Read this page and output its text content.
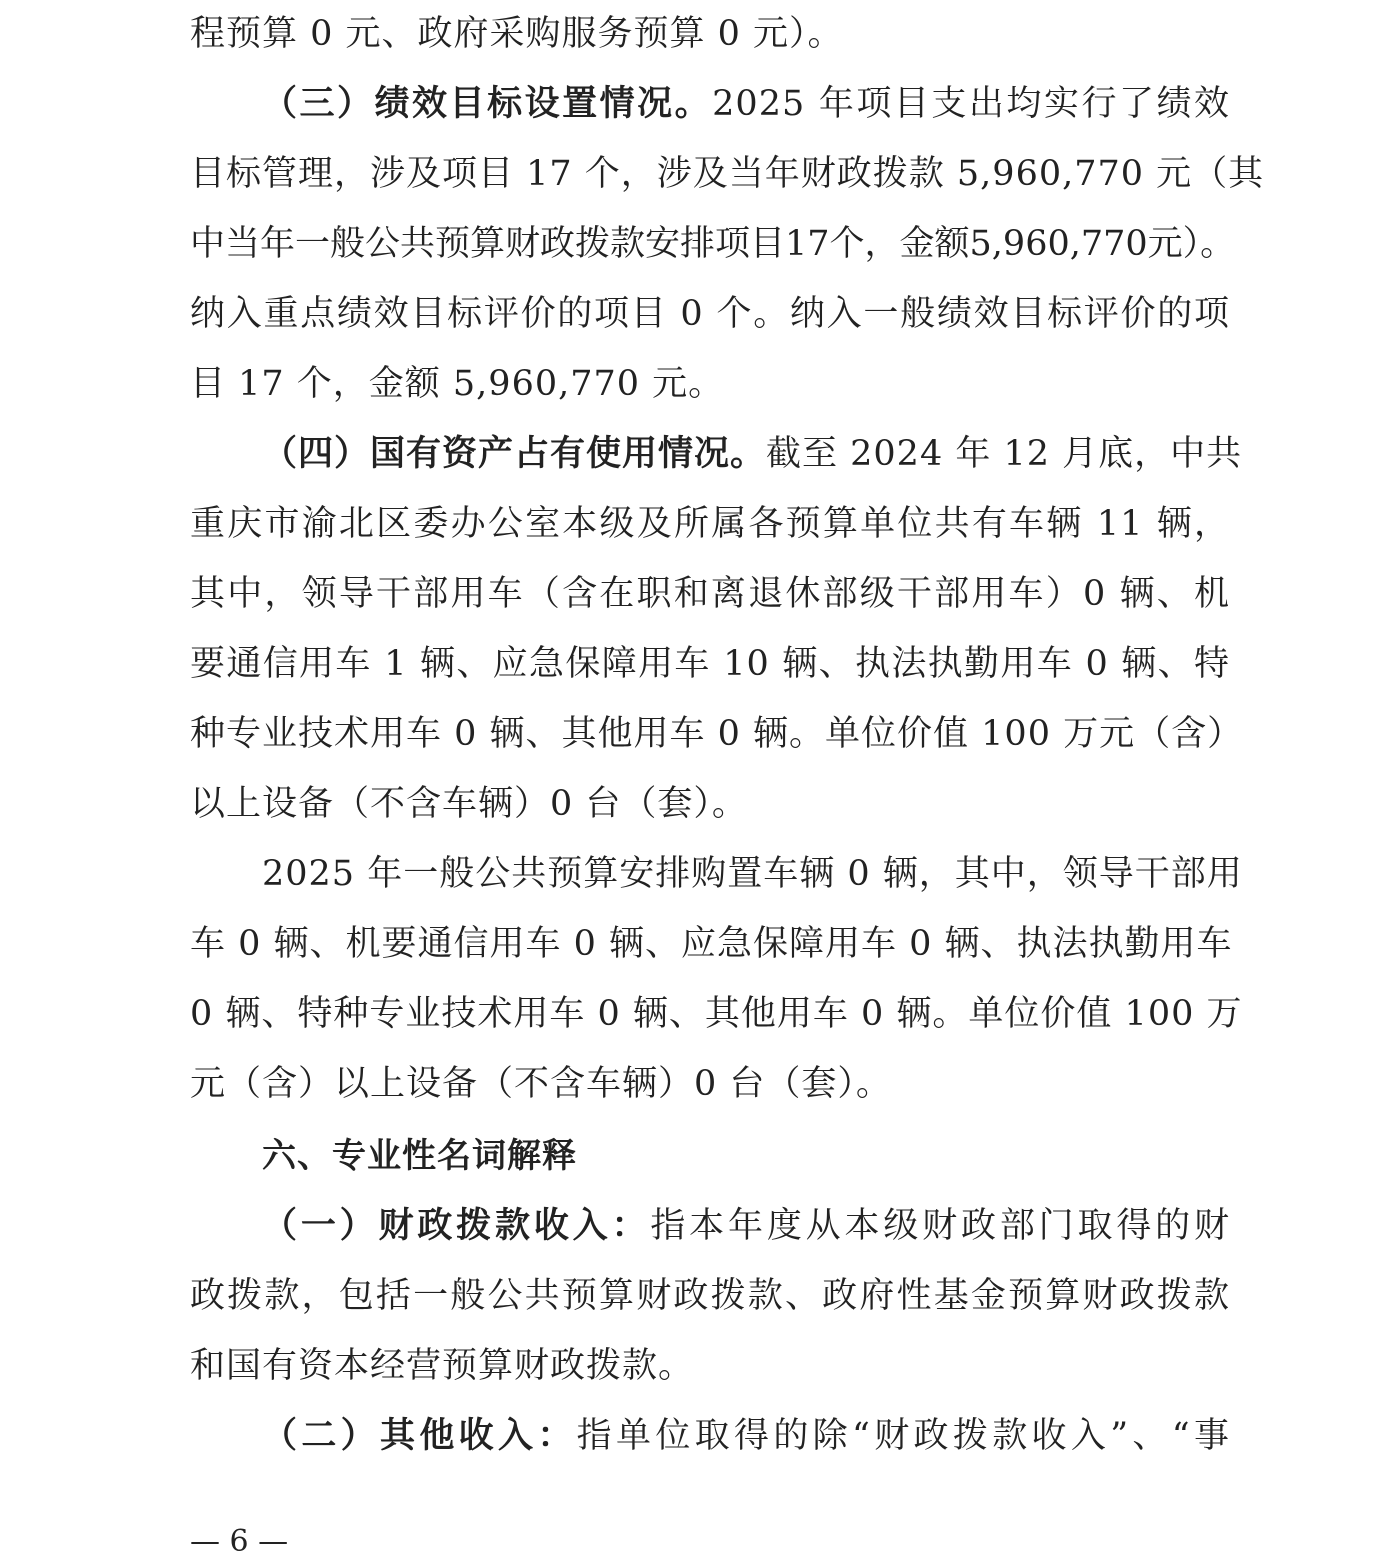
程预算 0 元、政府采购服务预算 0 元）。
（三）绩效目标设置情况。2025 年项目支出均实行了绩效
目标管理，涉及项目 17 个，涉及当年财政拨款 5,960,770 元（其
中当年一般公共预算财政拨款安排项目17个，金额5,960,770元）。
纳入重点绩效目标评价的项目 0 个。纳入一般绩效目标评价的项
目 17 个，金额 5,960,770 元。
（四）国有资产占有使用情况。截至 2024 年 12 月底，中共
重庆市渝北区委办公室本级及所属各预算单位共有车辆 11 辆，
其中，领导干部用车（含在职和离退休部级干部用车）0 辆、机
要通信用车 1 辆、应急保障用车 10 辆、执法执勤用车 0 辆、特
种专业技术用车 0 辆、其他用车 0 辆。单位价值 100 万元（含）
以上设备（不含车辆）0 台（套）。
2025 年一般公共预算安排购置车辆 0 辆，其中，领导干部用
车 0 辆、机要通信用车 0 辆、应急保障用车 0 辆、执法执勤用车
0 辆、特种专业技术用车 0 辆、其他用车 0 辆。单位价值 100 万
元（含）以上设备（不含车辆）0 台（套）。
六、专业性名词解释
（一）财政拨款收入：指本年度从本级财政部门取得的财
政拨款，包括一般公共预算财政拨款、政府性基金预算财政拨款
和国有资本经营预算财政拨款。
（二）其他收入：指单位取得的除“财政拨款收入”、“事
— 6 —
